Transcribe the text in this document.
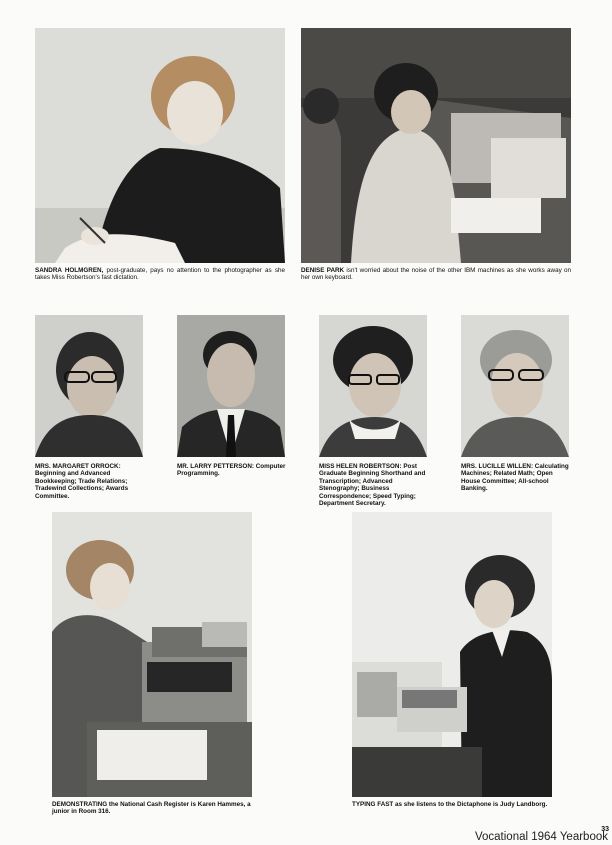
SANDRA HOLMGREN, post-graduate, pays no attention to the photographer as she takes Miss Robertson's fast dictation.
DENISE PARK isn't worried about the noise of the other IBM machines as she works away on her own keyboard.
MRS. MARGARET ORROCK: Beginning and Advanced Bookkeeping; Trade Relations; Tradewind Collections; Awards Committee.
MR. LARRY PETTERSON: Computer Programming.
MISS HELEN ROBERTSON: Post Graduate Beginning Shorthand and Transcription; Advanced Stenography; Business Correspondence; Speed Typing; Department Secretary.
MRS. LUCILLE WILLEN: Calculating Machines; Related Math; Open House Committee; All-school Banking.
DEMONSTRATING the National Cash Register is Karen Hammes, a junior in Room 316.
TYPING FAST as she listens to the Dictaphone is Judy Landborg.
33
Vocational 1964 Yearbook
